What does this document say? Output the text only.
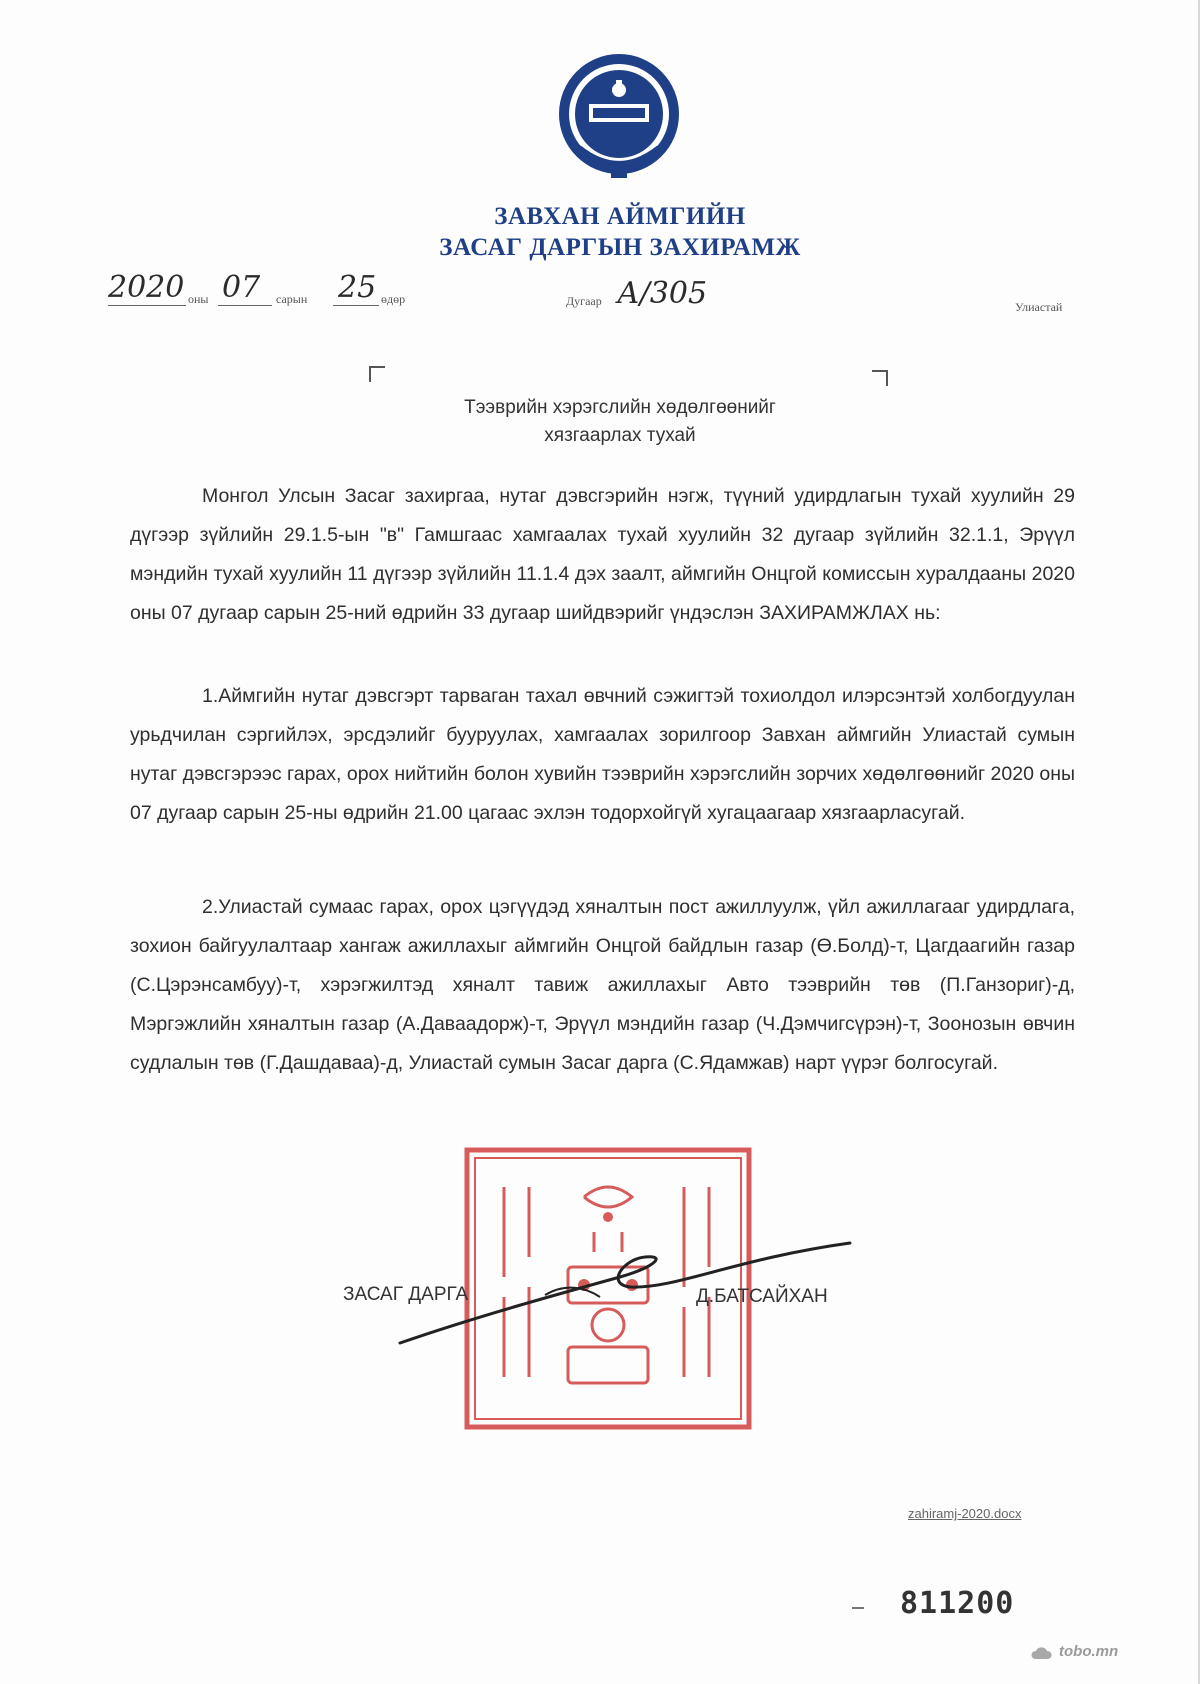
ЗАВХАН АЙМГИЙН
ЗАСАГ ДАРГЫН ЗАХИРАМЖ
2020 оны 07 сарын 25 өдөр	Дугаар А/305	Улиастай
Тээврийн хэрэгслийн хөдөлгөөнийг
хязгаарлах тухай

Монгол Улсын Засаг захиргаа, нутаг дэвсгэрийн нэгж, түүний удирдлагын тухай хуулийн 29 дүгээр зүйлийн 29.1.5-ын "в" Гамшгаас хамгаалах тухай хуулийн 32 дугаар зүйлийн 32.1.1, Эрүүл мэндийн тухай хуулийн 11 дүгээр зүйлийн 11.1.4 дэх заалт, аймгийн Онцгой комиссын хуралдааны 2020 оны 07 дугаар сарын 25-ний өдрийн 33 дугаар шийдвэрийг үндэслэн ЗАХИРАМЖЛАХ нь:

1.Аймгийн нутаг дэвсгэрт тарваган тахал өвчний сэжигтэй тохиолдол илэрсэнтэй холбогдуулан урьдчилан сэргийлэх, эрсдэлийг бууруулах, хамгаалах зорилгоор Завхан аймгийн Улиастай сумын нутаг дэвсгэрээс гарах, орох нийтийн болон хувийн тээврийн хэрэгслийн зорчих хөдөлгөөнийг 2020 оны 07 дугаар сарын 25-ны өдрийн 21.00 цагаас эхлэн тодорхойгүй хугацаагаар хязгаарласугай.

2.Улиастай сумаас гарах, орох цэгүүдэд хяналтын пост ажиллуулж, үйл ажиллагааг удирдлага, зохион байгуулалтаар хангаж ажиллахыг аймгийн Онцгой байдлын газар (Ө.Болд)-т, Цагдаагийн газар (С.Цэрэнсамбуу)-т, хэрэгжилтэд хяналт тавиж ажиллахыг Авто тээврийн төв (П.Ганзориг)-д, Мэргэжлийн хяналтын газар (А.Даваадорж)-т, Эрүүл мэндийн газар (Ч.Дэмчигсүрэн)-т, Зоонозын өвчин судлалын төв (Г.Дашдаваа)-д, Улиастай сумын Засаг дарга (С.Ядамжав) нарт үүрэг болгосугай.

ЗАСАГ ДАРГА	Д.БАТСАЙХАН
zahiramj-2020.docx
811200
tobo.mn
